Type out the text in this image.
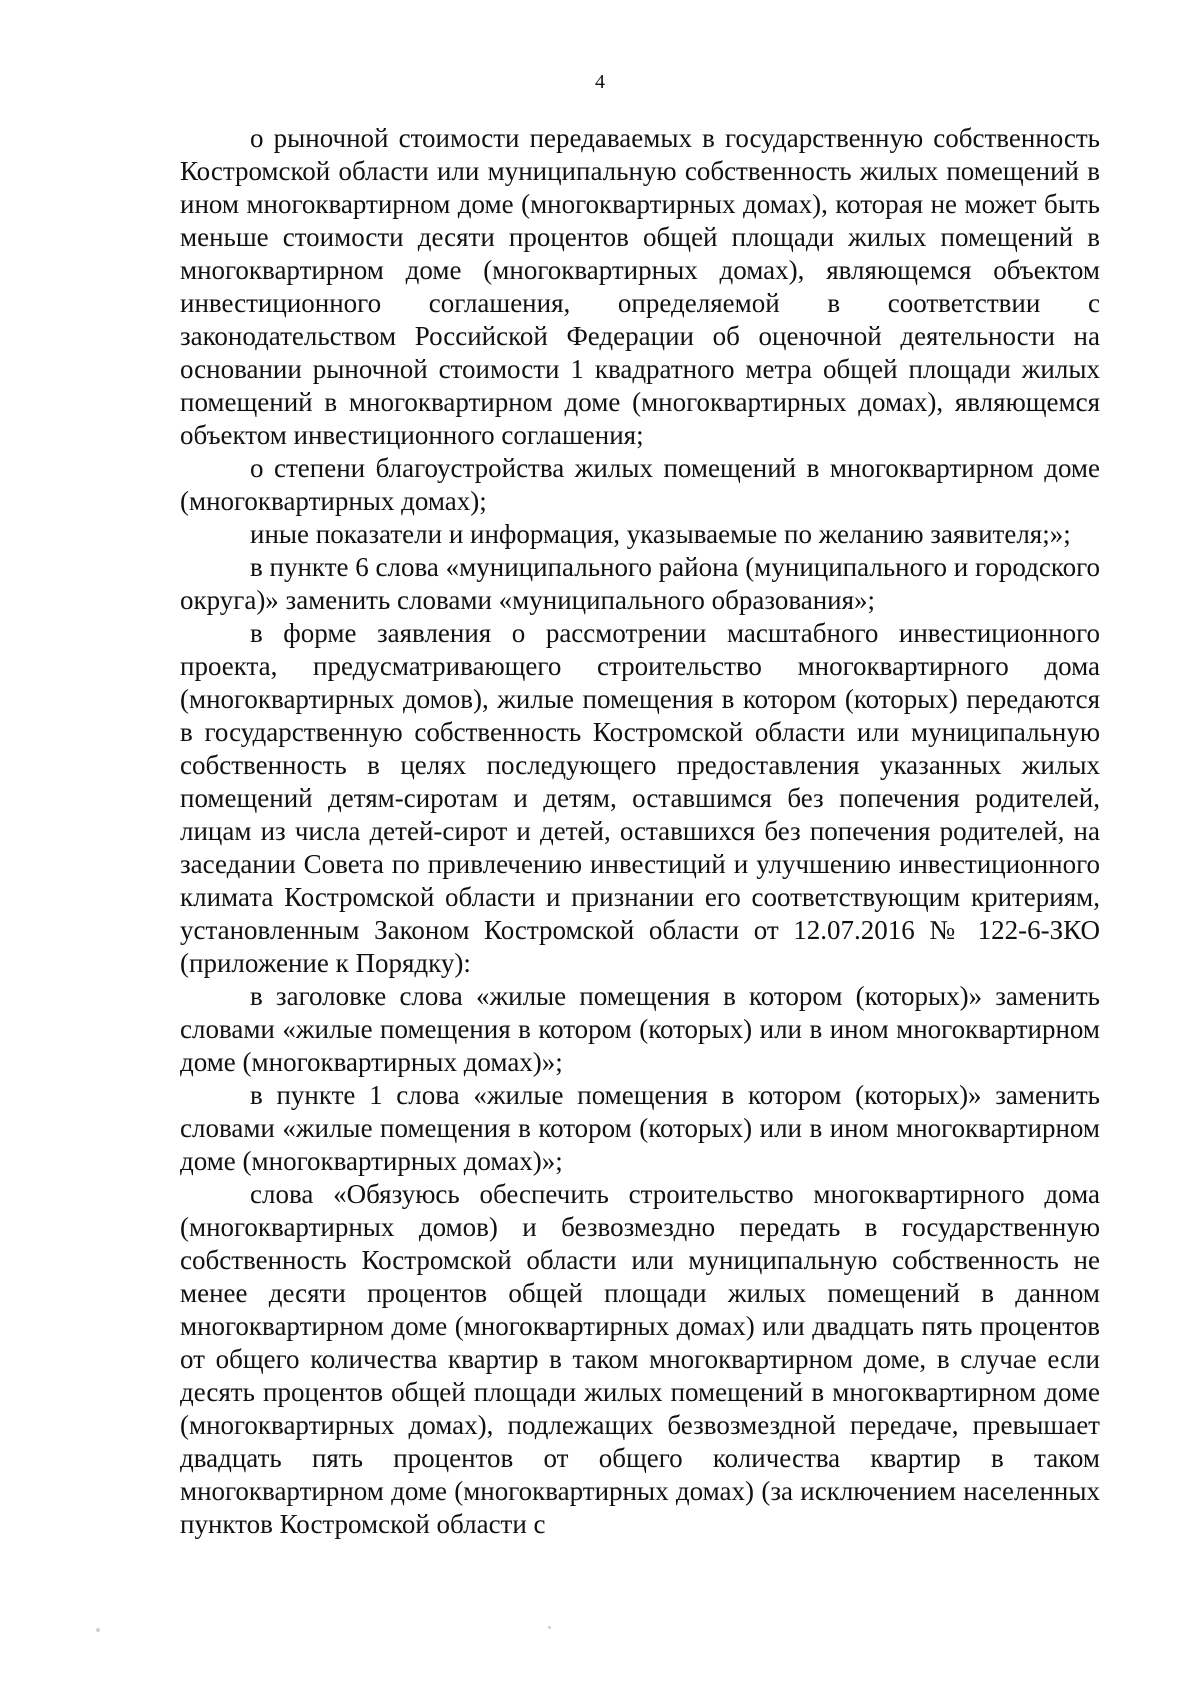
4

о рыночной стоимости передаваемых в государственную собственность Костромской области или муниципальную собственность жилых помещений в ином многоквартирном доме (многоквартирных домах), которая не может быть меньше стоимости десяти процентов общей площади жилых помещений в многоквартирном доме (многоквартирных домах), являющемся объектом инвестиционного соглашения, определяемой в соответствии с законодательством Российской Федерации об оценочной деятельности на основании рыночной стоимости 1 квадратного метра общей площади жилых помещений в многоквартирном доме (многоквартирных домах), являющемся объектом инвестиционного соглашения;

о степени благоустройства жилых помещений в многоквартирном доме (многоквартирных домах);

иные показатели и информация, указываемые по желанию заявителя;»;

в пункте 6 слова «муниципального района (муниципального и городского округа)» заменить словами «муниципального образования»;

в форме заявления о рассмотрении масштабного инвестиционного проекта, предусматривающего строительство многоквартирного дома (многоквартирных домов), жилые помещения в котором (которых) передаются в государственную собственность Костромской области или муниципальную собственность в целях последующего предоставления указанных жилых помещений детям-сиротам и детям, оставшимся без попечения родителей, лицам из числа детей-сирот и детей, оставшихся без попечения родителей, на заседании Совета по привлечению инвестиций и улучшению инвестиционного климата Костромской области и признании его соответствующим критериям, установленным Законом Костромской области от 12.07.2016 № 122-6-ЗКО (приложение к Порядку):

в заголовке слова «жилые помещения в котором (которых)» заменить словами «жилые помещения в котором (которых) или в ином многоквартирном доме (многоквартирных домах)»;

в пункте 1 слова «жилые помещения в котором (которых)» заменить словами «жилые помещения в котором (которых) или в ином многоквартирном доме (многоквартирных домах)»;

слова «Обязуюсь обеспечить строительство многоквартирного дома (многоквартирных домов) и безвозмездно передать в государственную собственность Костромской области или муниципальную собственность не менее десяти процентов общей площади жилых помещений в данном многоквартирном доме (многоквартирных домах) или двадцать пять процентов от общего количества квартир в таком многоквартирном доме, в случае если десять процентов общей площади жилых помещений в многоквартирном доме (многоквартирных домах), подлежащих безвозмездной передаче, превышает двадцать пять процентов от общего количества квартир в таком многоквартирном доме (многоквартирных домах) (за исключением населенных пунктов Костромской области с
